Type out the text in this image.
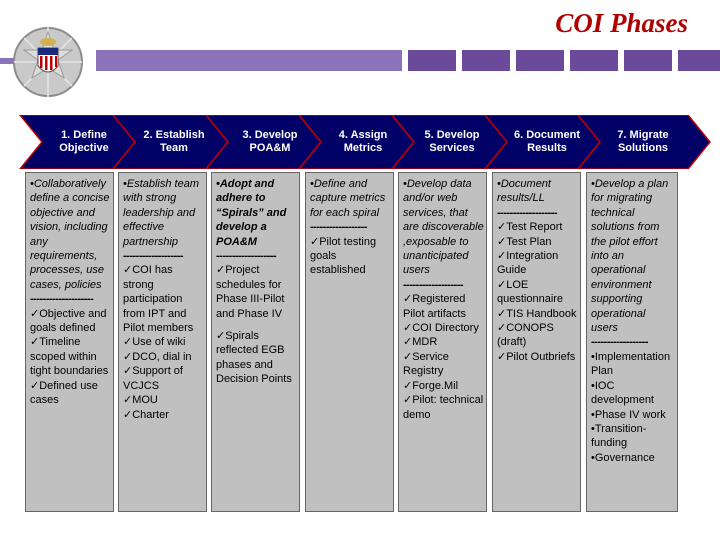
COI Phases
1. Define
Objective
2. Establish
Team
3. Develop
POA&M
4. Assign
Metrics
5. Develop
Services
6. Document
Results
7. Migrate
Solutions
•Collaboratively define a concise objective and vision, including any requirements, processes, use cases, policies
--------------------
✓Objective and goals defined
✓Timeline scoped within tight boundaries
✓Defined use cases
•Establish team with strong leadership and effective partnership
-------------------
✓COI has strong participation from IPT and Pilot members
✓Use of wiki
✓DCO, dial in
✓Support of VCJCS
✓MOU
✓Charter
•Adopt and adhere to “Spirals” and develop a POA&M
-------------------
✓Project schedules for Phase III-Pilot and Phase IV
✓Spirals reflected EGB phases and Decision Points
•Define and capture metrics for each spiral
------------------
✓Pilot testing goals established
•Develop data and/or web services, that are discoverable ,exposable to unanticipated users
-------------------
✓Registered Pilot artifacts
✓COI Directory
✓MDR
✓Service Registry
✓Forge.Mil
✓Pilot: technical demo
•Document results/LL
-------------------
✓Test Report
✓Test Plan
✓Integration Guide
✓LOE questionnaire
✓TIS Handbook
✓CONOPS (draft)
✓Pilot Outbriefs
•Develop a plan for migrating technical solutions from the pilot effort into an operational environment supporting operational users
------------------
•Implementation Plan
•IOC development
•Phase IV work
•Transition-funding
•Governance
